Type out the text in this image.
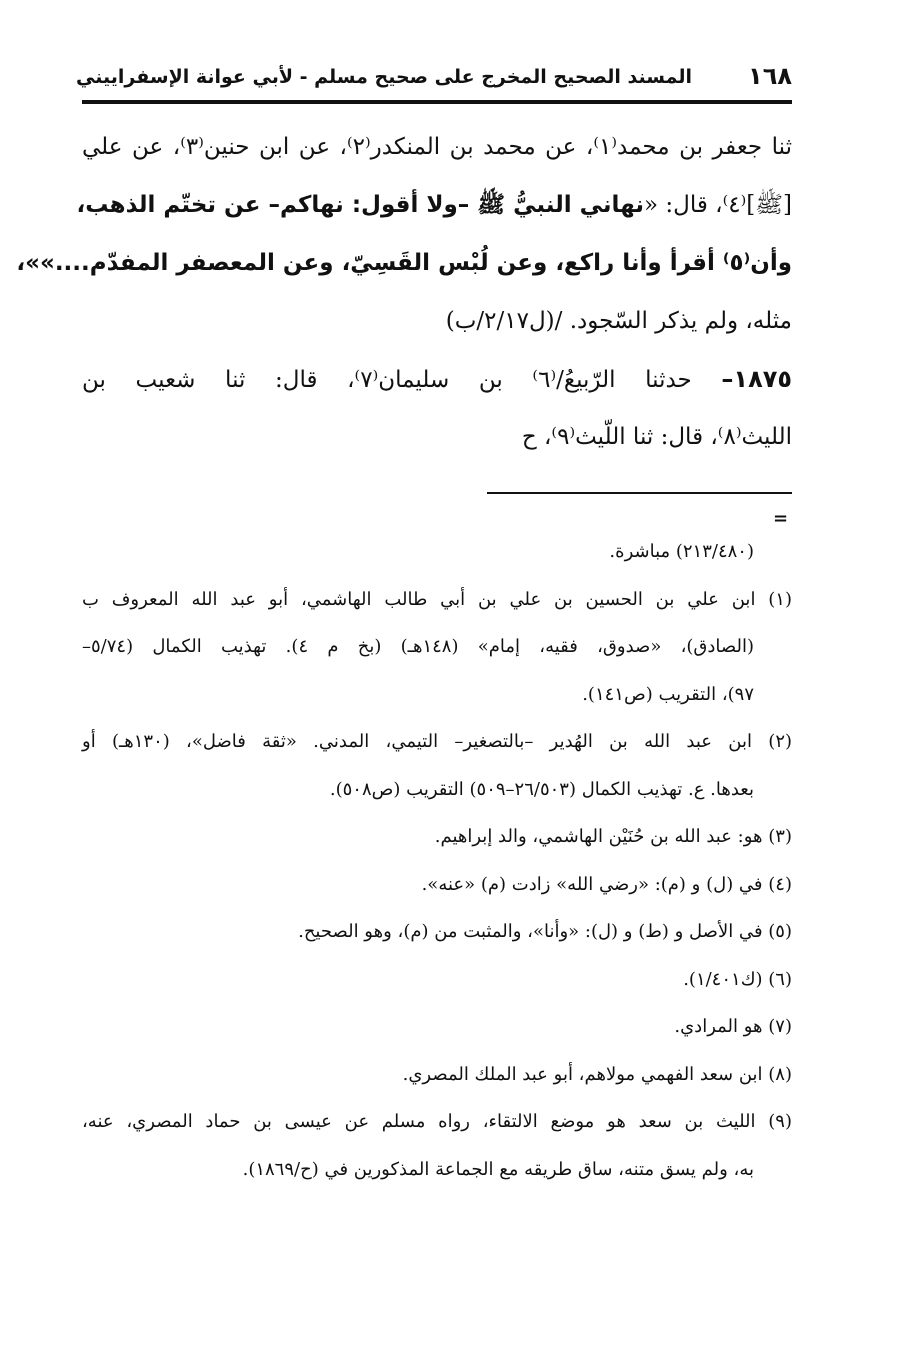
١٦٨
المسند الصحيح المخرج على صحيح مسلم - لأبي عوانة الإسفراييني
ثنا جعفر بن محمد⁽١⁾، عن محمد بن المنكدر⁽٢⁾، عن ابن حنين⁽٣⁾، عن علي
[ﷺ]⁽٤⁾، قال: «نهاني النبيُّ ﷺ –ولا أقول: نهاكم– عن تختّم الذهب،
وأن⁽٥⁾ أقرأ وأنا راكع، وعن لُبْس القَسِيّ، وعن المعصفر المفدّم....»»،
مثله، ولم يذكر السّجود. /(ل٢/١٧/ب)
١٨٧٥– حدثنا الرّبيعُ/⁽٦⁾ بن سليمان⁽٧⁾، قال: ثنا شعيب بن
الليث⁽٨⁾، قال: ثنا اللّيث⁽٩⁾، ح
=
(٢١٣/٤٨٠) مباشرة.
(١) ابن علي بن الحسين بن علي بن أبي طالب الهاشمي، أبو عبد الله المعروف ب
(الصادق)، «صدوق، فقيه، إمام» (١٤٨هـ) (بخ م ٤). تهذيب الكمال (٥/٧٤–
٩٧)، التقريب (ص١٤١).
(٢) ابن عبد الله بن الهُدير –بالتصغير– التيمي، المدني. «ثقة فاضل»، (١٣٠هـ) أو
بعدها. ع. تهذيب الكمال (٢٦/٥٠٣–٥٠٩) التقريب (ص٥٠٨).
(٣) هو: عبد الله بن حُنَيْن الهاشمي، والد إبراهيم.
(٤) في (ل) و (م): «رضي الله» زادت (م) «عنه».
(٥) في الأصل و (ط) و (ل): «وأنا»، والمثبت من (م)، وهو الصحيح.
(٦) (ك١/٤٠١).
(٧) هو المرادي.
(٨) ابن سعد الفهمي مولاهم، أبو عبد الملك المصري.
(٩) الليث بن سعد هو موضع الالتقاء، رواه مسلم عن عيسى بن حماد المصري، عنه،
به، ولم يسق متنه، ساق طريقه مع الجماعة المذكورين في (ح/١٨٦٩).
